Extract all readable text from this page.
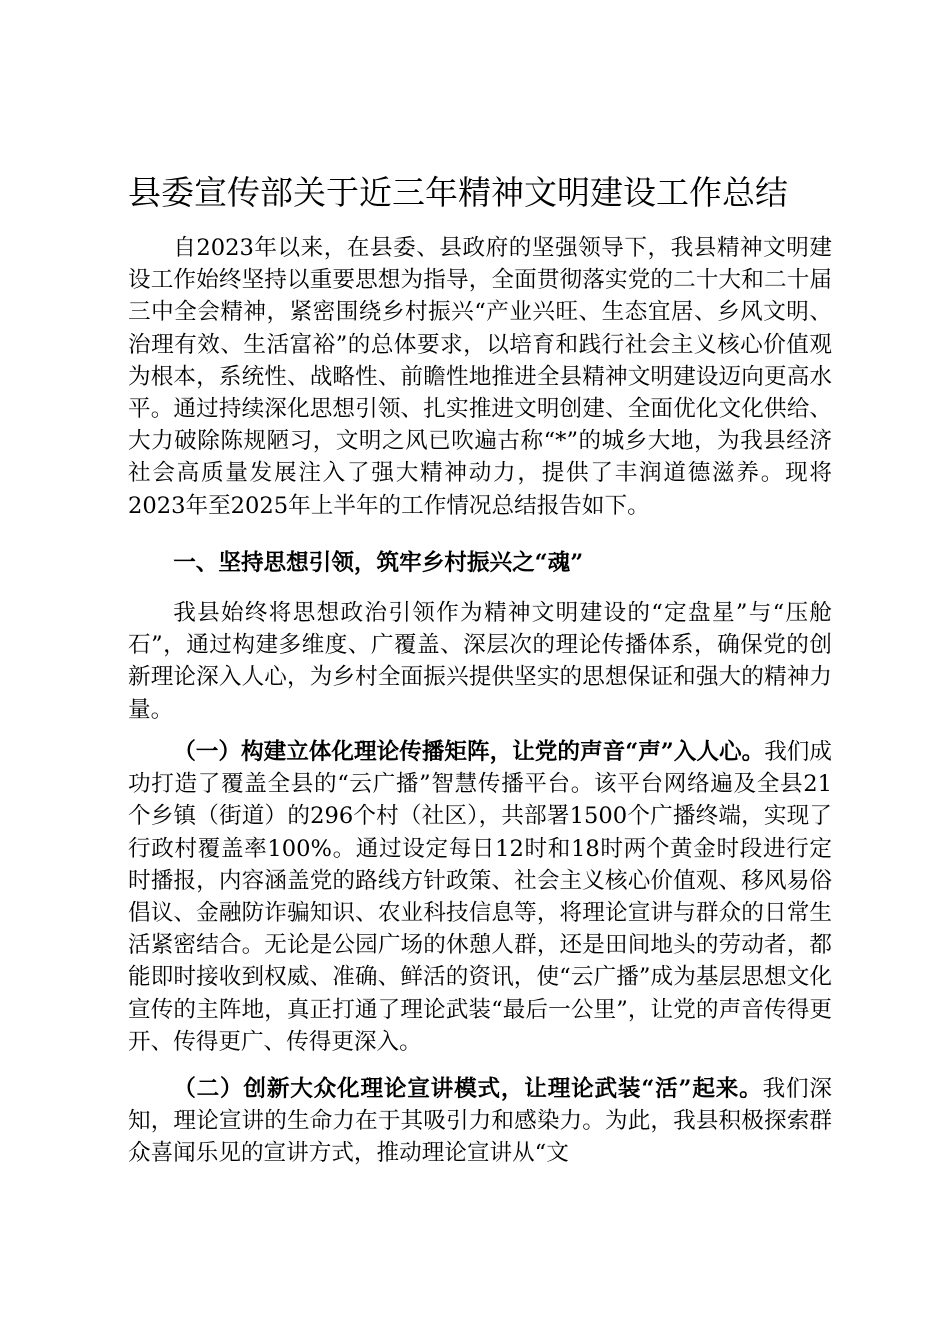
县委宣传部关于近三年精神文明建设工作总结

自2023年以来，在县委、县政府的坚强领导下，我县精神文明建设工作始终坚持以重要思想为指导，全面贯彻落实党的二十大和二十届三中全会精神，紧密围绕乡村振兴“产业兴旺、生态宜居、乡风文明、治理有效、生活富裕”的总体要求，以培育和践行社会主义核心价值观为根本，系统性、战略性、前瞻性地推进全县精神文明建设迈向更高水平。通过持续深化思想引领、扎实推进文明创建、全面优化文化供给、大力破除陈规陋习，文明之风已吹遍古称“*”的城乡大地，为我县经济社会高质量发展注入了强大精神动力，提供了丰润道德滋养。现将2023年至2025年上半年的工作情况总结报告如下。

一、坚持思想引领，筑牢乡村振兴之“魂”

我县始终将思想政治引领作为精神文明建设的“定盘星”与“压舱石”，通过构建多维度、广覆盖、深层次的理论传播体系，确保党的创新理论深入人心，为乡村全面振兴提供坚实的思想保证和强大的精神力量。

（一）构建立体化理论传播矩阵，让党的声音“声”入人心。我们成功打造了覆盖全县的“云广播”智慧传播平台。该平台网络遍及全县21个乡镇（街道）的296个村（社区），共部署1500个广播终端，实现了行政村覆盖率100%。通过设定每日12时和18时两个黄金时段进行定时播报，内容涵盖党的路线方针政策、社会主义核心价值观、移风易俗倡议、金融防诈骗知识、农业科技信息等，将理论宣讲与群众的日常生活紧密结合。无论是公园广场的休憩人群，还是田间地头的劳动者，都能即时接收到权威、准确、鲜活的资讯，使“云广播”成为基层思想文化宣传的主阵地，真正打通了理论武装“最后一公里”，让党的声音传得更开、传得更广、传得更深入。

（二）创新大众化理论宣讲模式，让理论武装“活”起来。我们深知，理论宣讲的生命力在于其吸引力和感染力。为此，我县积极探索群众喜闻乐见的宣讲方式，推动理论宣讲从“文
